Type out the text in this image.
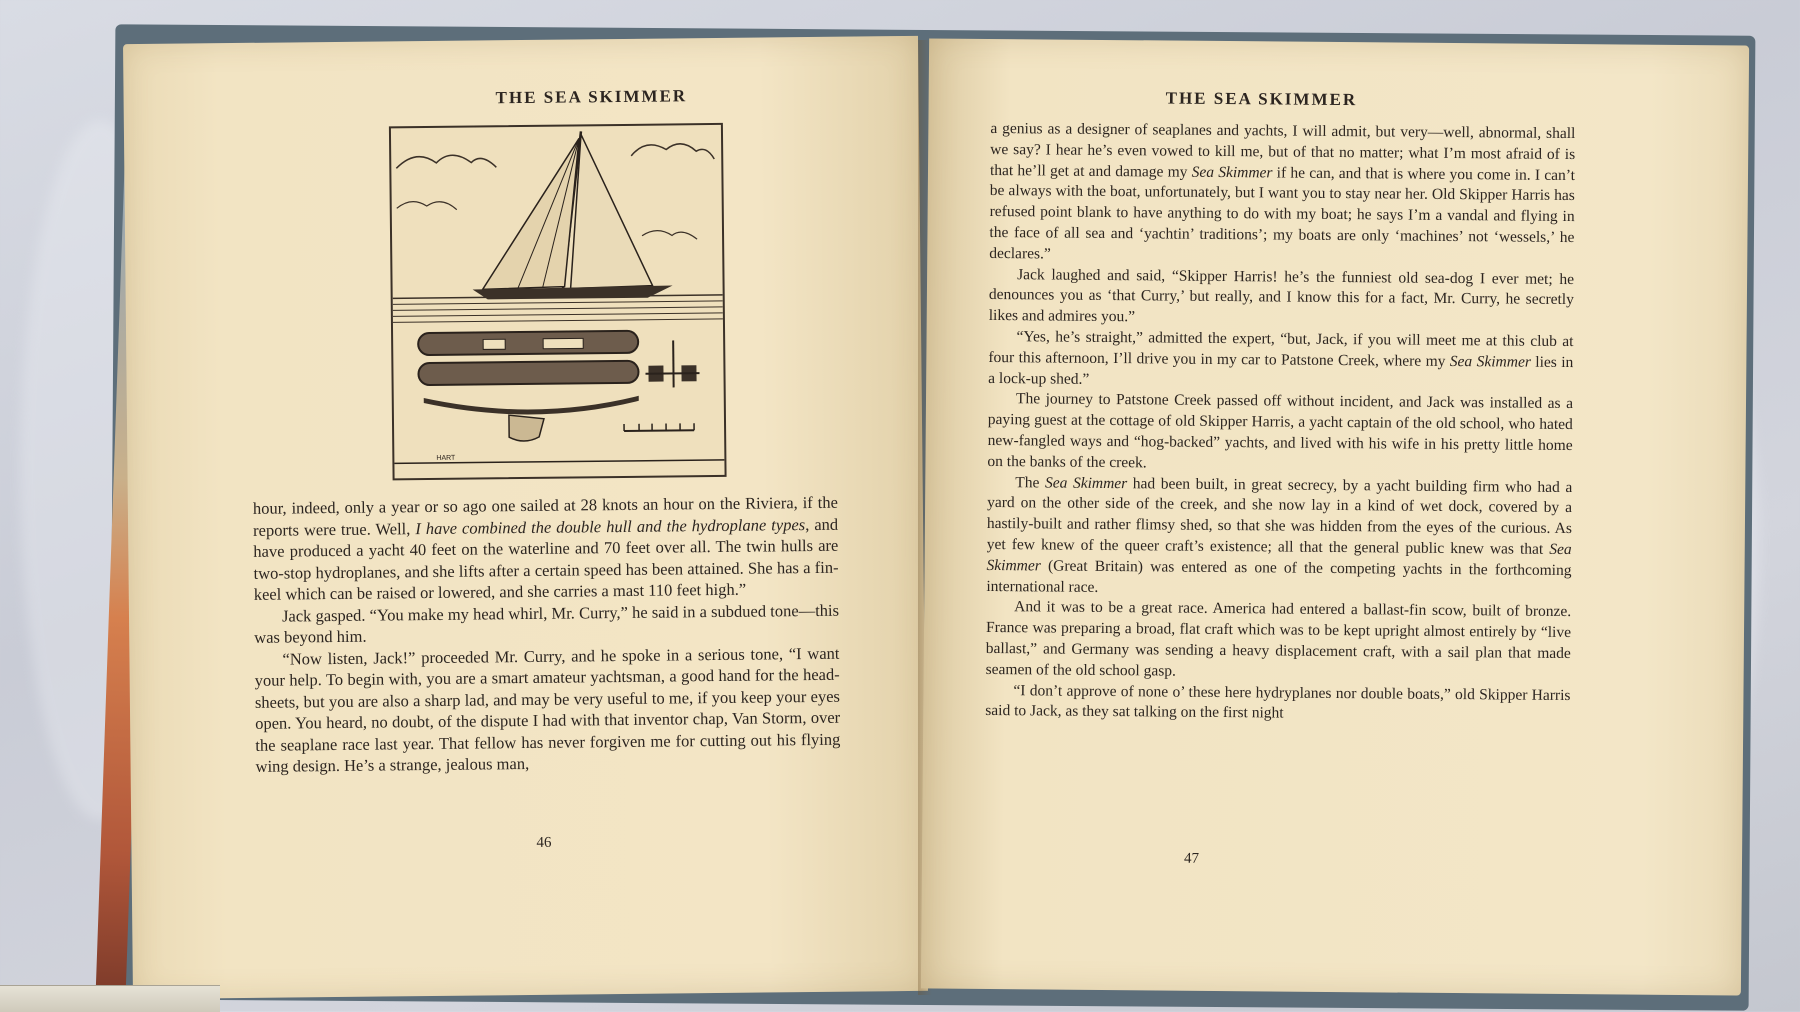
THE SEA SKIMMER
HART

hour, indeed, only a year or so ago one sailed at 28 knots an hour on the Riviera, if the reports were true. Well, I have combined the double hull and the hydroplane types, and have produced a yacht 40 feet on the waterline and 70 feet over all. The twin hulls are two-stop hydroplanes, and she lifts after a certain speed has been attained. She has a fin-keel which can be raised or lowered, and she carries a mast 110 feet high.”

Jack gasped. “You make my head whirl, Mr. Curry,” he said in a subdued tone—this was beyond him.

“Now listen, Jack!” proceeded Mr. Curry, and he spoke in a serious tone, “I want your help. To begin with, you are a smart amateur yachtsman, a good hand for the head-sheets, but you are also a sharp lad, and may be very useful to me, if you keep your eyes open. You heard, no doubt, of the dispute I had with that inventor chap, Van Storm, over the seaplane race last year. That fellow has never forgiven me for cutting out his flying wing design. He’s a strange, jealous man,

46
THE SEA SKIMMER

a genius as a designer of seaplanes and yachts, I will admit, but very—well, abnormal, shall we say? I hear he’s even vowed to kill me, but of that no matter; what I’m most afraid of is that he’ll get at and damage my Sea Skimmer if he can, and that is where you come in. I can’t be always with the boat, unfortunately, but I want you to stay near her. Old Skipper Harris has refused point blank to have anything to do with my boat; he says I’m a vandal and flying in the face of all sea and ‘yachtin’ traditions’; my boats are only ‘machines’ not ‘wessels,’ he declares.”

Jack laughed and said, “Skipper Harris! he’s the funniest old sea-dog I ever met; he denounces you as ‘that Curry,’ but really, and I know this for a fact, Mr. Curry, he secretly likes and admires you.”

“Yes, he’s straight,” admitted the expert, “but, Jack, if you will meet me at this club at four this afternoon, I’ll drive you in my car to Patstone Creek, where my Sea Skimmer lies in a lock-up shed.”

The journey to Patstone Creek passed off without incident, and Jack was installed as a paying guest at the cottage of old Skipper Harris, a yacht captain of the old school, who hated new-fangled ways and “hog-backed” yachts, and lived with his wife in his pretty little home on the banks of the creek.

The Sea Skimmer had been built, in great secrecy, by a yacht building firm who had a yard on the other side of the creek, and she now lay in a kind of wet dock, covered by a hastily-built and rather flimsy shed, so that she was hidden from the eyes of the curious. As yet few knew of the queer craft’s existence; all that the general public knew was that Sea Skimmer (Great Britain) was entered as one of the competing yachts in the forthcoming international race.

And it was to be a great race. America had entered a ballast-fin scow, built of bronze. France was preparing a broad, flat craft which was to be kept upright almost entirely by “live ballast,” and Germany was sending a heavy displacement craft, with a sail plan that made seamen of the old school gasp.

“I don’t approve of none o’ these here hydryplanes nor double boats,” old Skipper Harris said to Jack, as they sat talking on the first night

47
